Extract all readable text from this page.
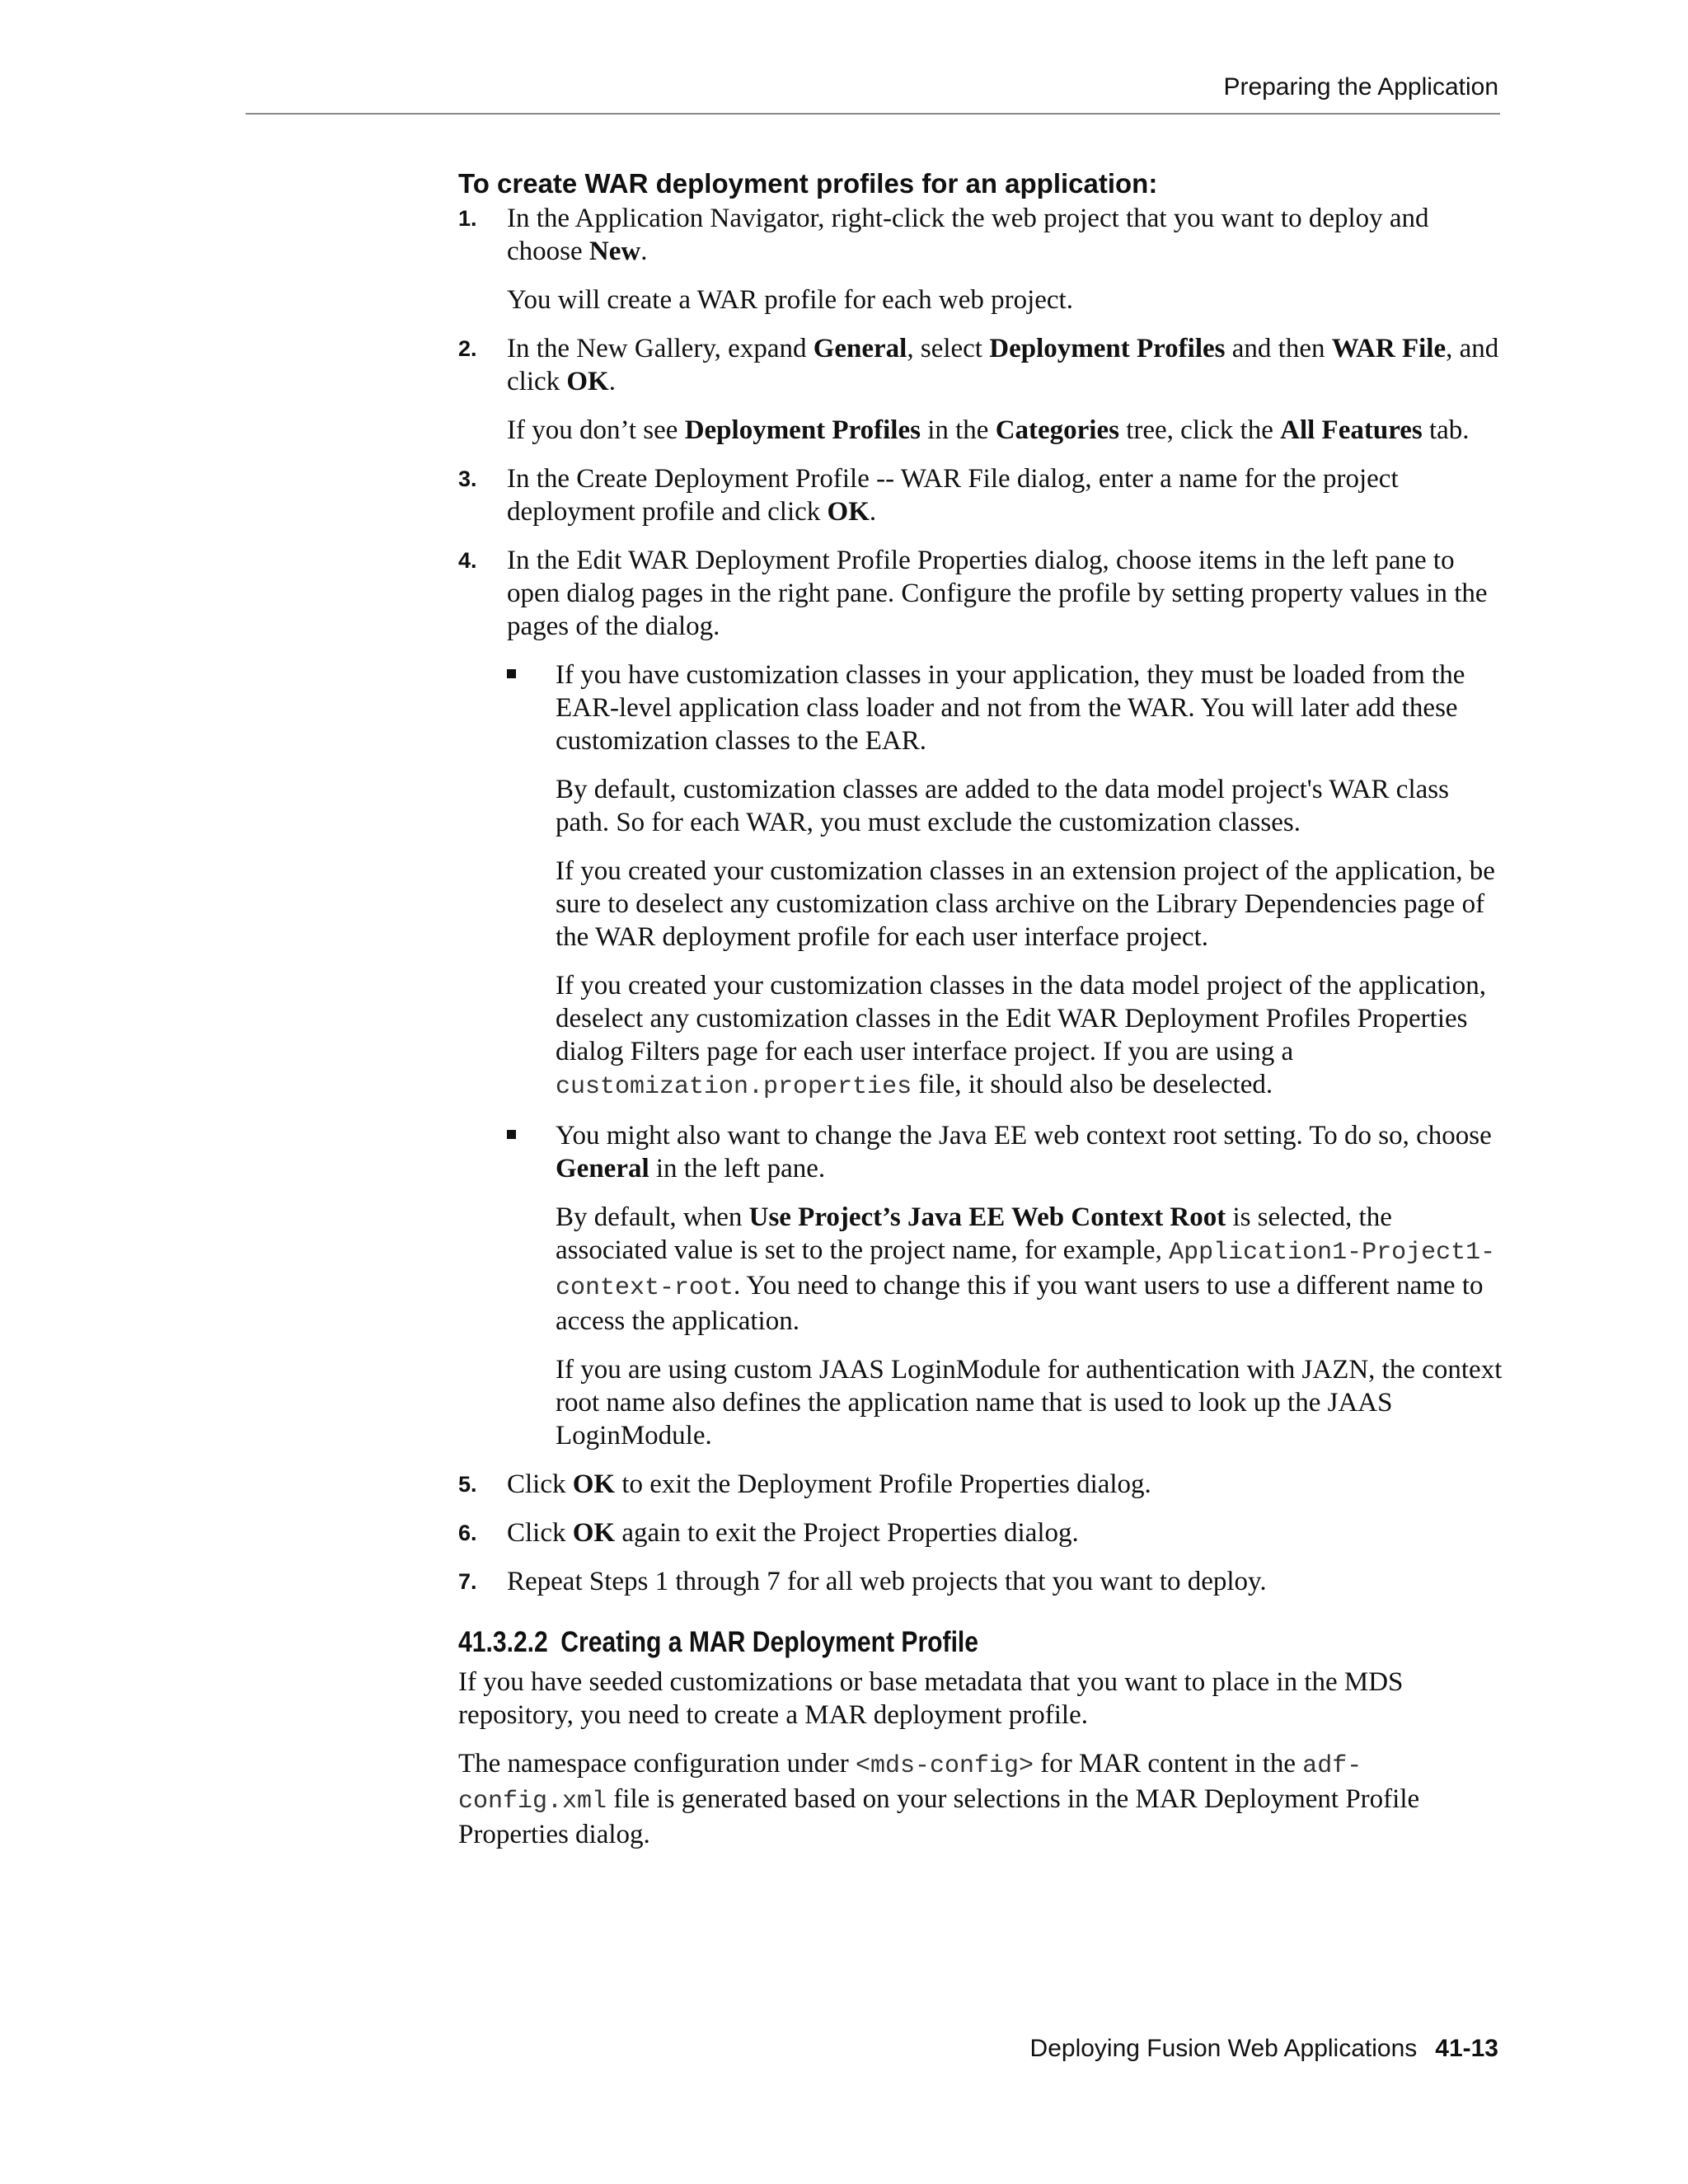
Preparing the Application
To create WAR deployment profiles for an application:
1. In the Application Navigator, right-click the web project that you want to deploy and choose New.

You will create a WAR profile for each web project.

2. In the New Gallery, expand General, select Deployment Profiles and then WAR File, and click OK.

If you don’t see Deployment Profiles in the Categories tree, click the All Features tab.

3. In the Create Deployment Profile -- WAR File dialog, enter a name for the project deployment profile and click OK.

4. In the Edit WAR Deployment Profile Properties dialog, choose items in the left pane to open dialog pages in the right pane. Configure the profile by setting property values in the pages of the dialog.

If you have customization classes in your application, they must be loaded from the EAR-level application class loader and not from the WAR. You will later add these customization classes to the EAR.

By default, customization classes are added to the data model project's WAR class path. So for each WAR, you must exclude the customization classes.

If you created your customization classes in an extension project of the application, be sure to deselect any customization class archive on the Library Dependencies page of the WAR deployment profile for each user interface project.

If you created your customization classes in the data model project of the application, deselect any customization classes in the Edit WAR Deployment Profiles Properties dialog Filters page for each user interface project. If you are using a customization.properties file, it should also be deselected.

You might also want to change the Java EE web context root setting. To do so, choose General in the left pane.

By default, when Use Project’s Java EE Web Context Root is selected, the associated value is set to the project name, for example, Application1-Project1-context-root. You need to change this if you want users to use a different name to access the application.

If you are using custom JAAS LoginModule for authentication with JAZN, the context root name also defines the application name that is used to look up the JAAS LoginModule.

5. Click OK to exit the Deployment Profile Properties dialog.

6. Click OK again to exit the Project Properties dialog.

7. Repeat Steps 1 through 7 for all web projects that you want to deploy.

41.3.2.2 Creating a MAR Deployment Profile

If you have seeded customizations or base metadata that you want to place in the MDS repository, you need to create a MAR deployment profile.

The namespace configuration under <mds-config> for MAR content in the adf-config.xml file is generated based on your selections in the MAR Deployment Profile Properties dialog.

Deploying Fusion Web Applications 41-13
